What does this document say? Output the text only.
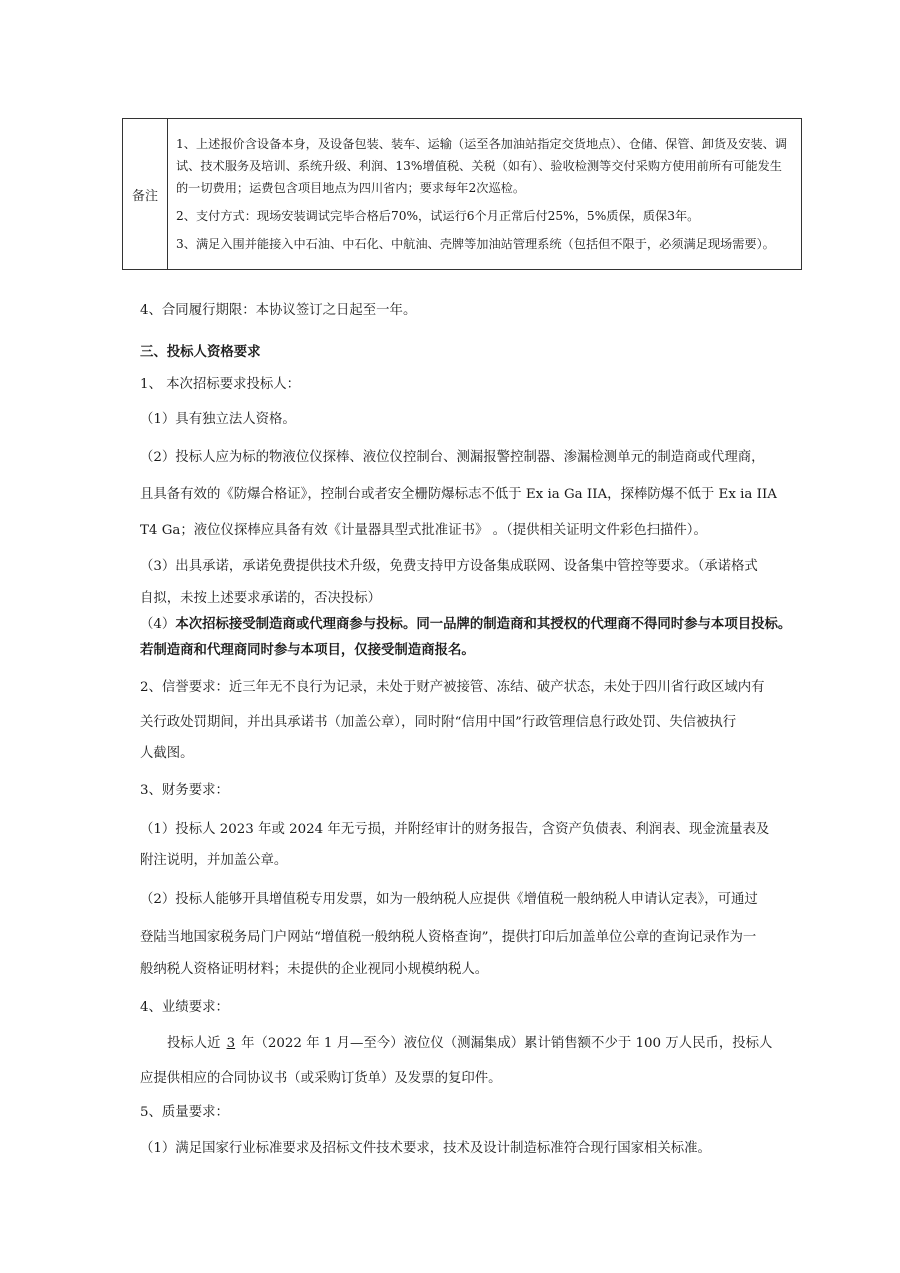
备注	

1、上述报价含设备本身，及设备包装、装车、运输（运至各加油站指定交货地点）、仓储、保管、卸货及安装、调试、技术服务及培训、系统升级、利润、13%增值税、关税（如有）、验收检测等交付采购方使用前所有可能发生的一切费用；运费包含项目地点为四川省内；要求每年2次巡检。

2、支付方式：现场安装调试完毕合格后70%，试运行6个月正常后付25%，5%质保，质保3年。

3、满足入围并能接入中石油、中石化、中航油、壳牌等加油站管理系统（包括但不限于，必须满足现场需要）。

4、合同履行期限：本协议签订之日起至一年。
三、投标人资格要求
1、 本次招标要求投标人：
（1）具有独立法人资格。
（2）投标人应为标的物液位仪探棒、液位仪控制台、测漏报警控制器、渗漏检测单元的制造商或代理商，
且具备有效的《防爆合格证》，控制台或者安全栅防爆标志不低于 Ex ia Ga IIA，探棒防爆不低于 Ex ia IIA
T4 Ga；液位仪探棒应具备有效《计量器具型式批准证书》 。（提供相关证明文件彩色扫描件）。
（3）出具承诺，承诺免费提供技术升级，免费支持甲方设备集成联网、设备集中管控等要求。（承诺格式
自拟，未按上述要求承诺的，否决投标）
（4）本次招标接受制造商或代理商参与投标。同一品牌的制造商和其授权的代理商不得同时参与本项目投标。
若制造商和代理商同时参与本项目，仅接受制造商报名。
2、信誉要求：近三年无不良行为记录，未处于财产被接管、冻结、破产状态，未处于四川省行政区域内有
关行政处罚期间，并出具承诺书（加盖公章），同时附“信用中国”行政管理信息行政处罚、失信被执行
人截图。
3、财务要求：
（1）投标人 2023 年或 2024 年无亏损，并附经审计的财务报告，含资产负债表、利润表、现金流量表及
附注说明，并加盖公章。
（2）投标人能够开具增值税专用发票，如为一般纳税人应提供《增值税一般纳税人申请认定表》，可通过
登陆当地国家税务局门户网站“增值税一般纳税人资格查询”，提供打印后加盖单位公章的查询记录作为一
般纳税人资格证明材料；未提供的企业视同小规模纳税人。
4、业绩要求：
投标人近 3 年（2022 年 1 月—至今）液位仪（测漏集成）累计销售额不少于 100 万人民币，投标人
应提供相应的合同协议书（或采购订货单）及发票的复印件。
5、质量要求：
（1）满足国家行业标准要求及招标文件技术要求，技术及设计制造标准符合现行国家相关标准。
